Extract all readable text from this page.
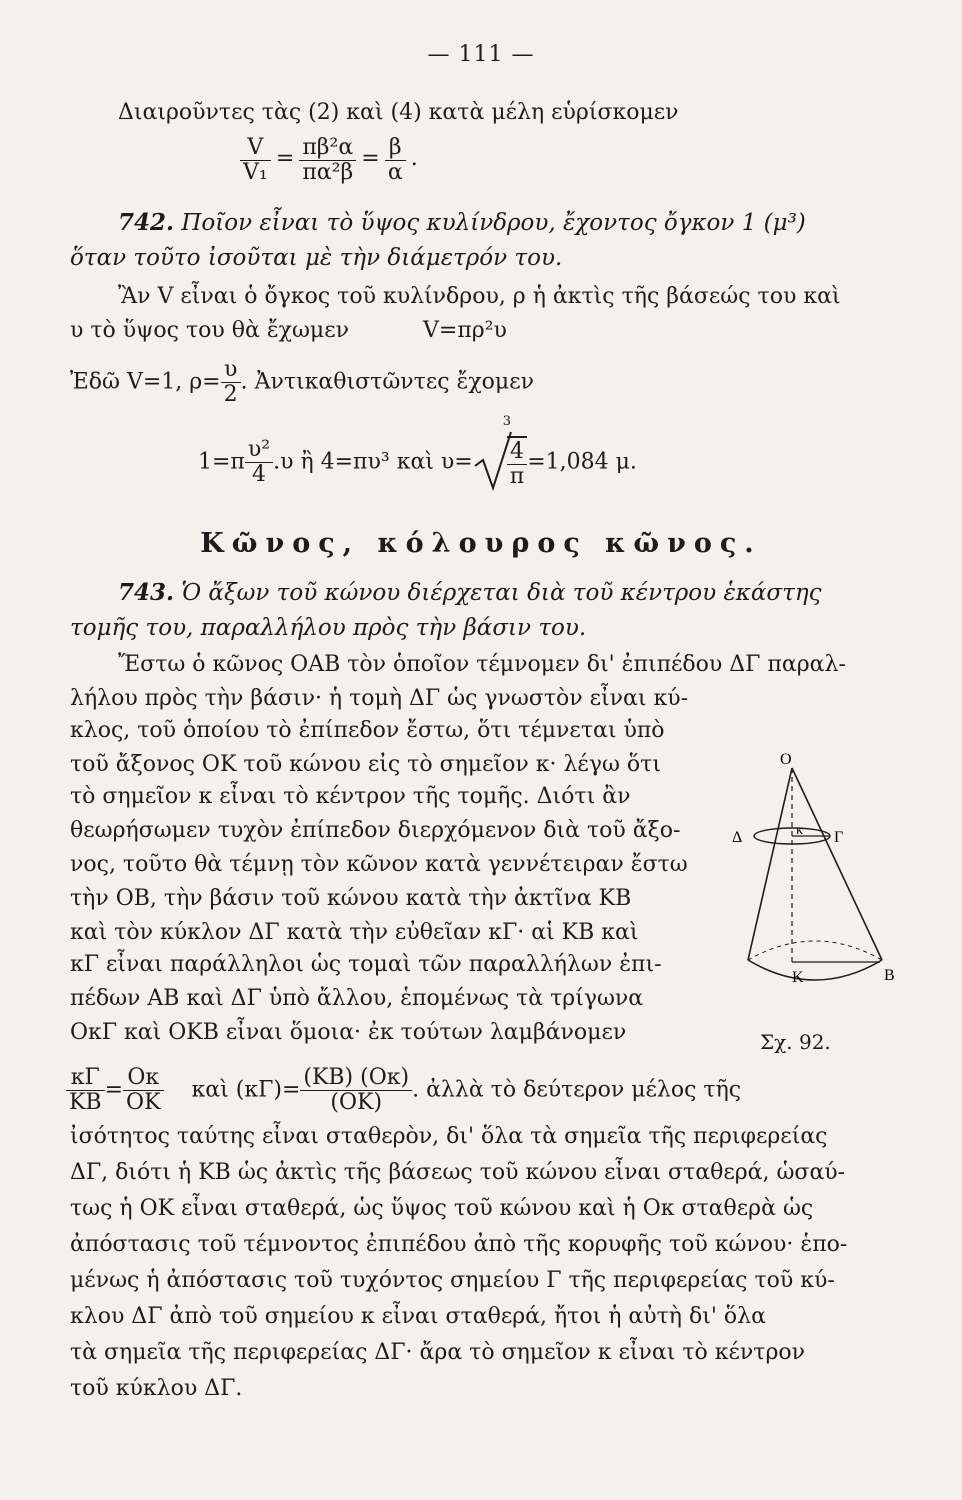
— 111 —
Διαιροῦντες τὰς (2) καὶ (4) κατὰ μέλη εὑρίσκομεν
$\frac{V}{\text{V₁}} = \frac{\text{πβ²α}}{\text{πα²β}} = \frac{\beta}{\alpha}$ .
742. Ποῖον εἶναι τὸ ὕψος κυλίνδρου, ἔχοντος ὄγκον 1 (μ³)
ὅταν τοῦτο ἰσοῦται μὲ τὴν διάμετρόν του.
Ἂν V εἶναι ὁ ὄγκος τοῦ κυλίνδρου, ρ ἡ ἀκτὶς τῆς βάσεώς του καὶ
υ τὸ ὕψος του θὰ ἔχωμεν	V=πρ²υ
Ἐδῶ V=1, $\rho= \frac{\upsilon}{2}$ . Ἀντικαθιστῶντες ἔχομεν
$1=\pi \frac{\text{υ²}}{4} .\upsilon$ ἢ 4=πυ³ καὶ υ=
3
$\frac{4}{\pi} =1,084$ μ.
Κῶνος, κόλουρος κῶνος.
743. Ὁ ἄξων τοῦ κώνου διέρχεται διὰ τοῦ κέντρου ἑκάστης
τομῆς του, παραλλήλου πρὸς τὴν βάσιν του.
Ἔστω ὁ κῶνος ΟΑΒ τὸν ὁποῖον τέμνομεν δι' ἐπιπέδου ΔΓ παραλ-
λήλου πρὸς τὴν βάσιν· ἡ τομὴ ΔΓ ὡς γνωστὸν εἶναι κύ-
κλος, τοῦ ὁποίου τὸ ἐπίπεδον ἔστω, ὅτι τέμνεται ὑπὸ
τοῦ ἄξονος ΟΚ τοῦ κώνου εἰς τὸ σημεῖον κ· λέγω ὅτι
τὸ σημεῖον κ εἶναι τὸ κέντρον τῆς τομῆς. Διότι ἂν
θεωρήσωμεν τυχὸν ἐπίπεδον διερχόμενον διὰ τοῦ ἄξο-
νος, τοῦτο θὰ τέμνῃ τὸν κῶνον κατὰ γεννέτειραν ἔστω
τὴν ΟΒ, τὴν βάσιν τοῦ κώνου κατὰ τὴν ἀκτῖνα ΚΒ
καὶ τὸν κύκλον ΔΓ κατὰ τὴν εὐθεῖαν κΓ· αἱ ΚΒ καὶ
κΓ εἶναι παράλληλοι ὡς τομαὶ τῶν παραλλήλων ἐπι-
πέδων ΑΒ καὶ ΔΓ ὑπὸ ἄλλου, ἑπομένως τὰ τρίγωνα
ΟκΓ καὶ ΟΚΒ εἶναι ὅμοια· ἐκ τούτων λαμβάνομεν
$\frac{\kappa\Gamma}{KB} = \frac{O\kappa}{OK}$ καὶ $(\kappa\Gamma)= \frac{(KB) (O\kappa)}{(OK)}$ . ἀλλὰ τὸ δεύτερον μέλος τῆς
ἰσότητος ταύτης εἶναι σταθερὸν, δι' ὅλα τὰ σημεῖα τῆς περιφερείας
ΔΓ, διότι ἡ ΚΒ ὡς ἀκτὶς τῆς βάσεως τοῦ κώνου εἶναι σταθερά, ὡσαύ-
τως ἡ ΟΚ εἶναι σταθερά, ὡς ὕψος τοῦ κώνου καὶ ἡ Οκ σταθερὰ ὡς
ἀπόστασις τοῦ τέμνοντος ἐπιπέδου ἀπὸ τῆς κορυφῆς τοῦ κώνου· ἑπο-
μένως ἡ ἀπόστασις τοῦ τυχόντος σημείου Γ τῆς περιφερείας τοῦ κύ-
κλου ΔΓ ἀπὸ τοῦ σημείου κ εἶναι σταθερά, ἤτοι ἡ αὐτὴ δι' ὅλα
τὰ σημεῖα τῆς περιφερείας ΔΓ· ἄρα τὸ σημεῖον κ εἶναι τὸ κέντρον
τοῦ κύκλου ΔΓ.
Ο
Δ	κ Γ
Κ	Β
Σχ. 92.
